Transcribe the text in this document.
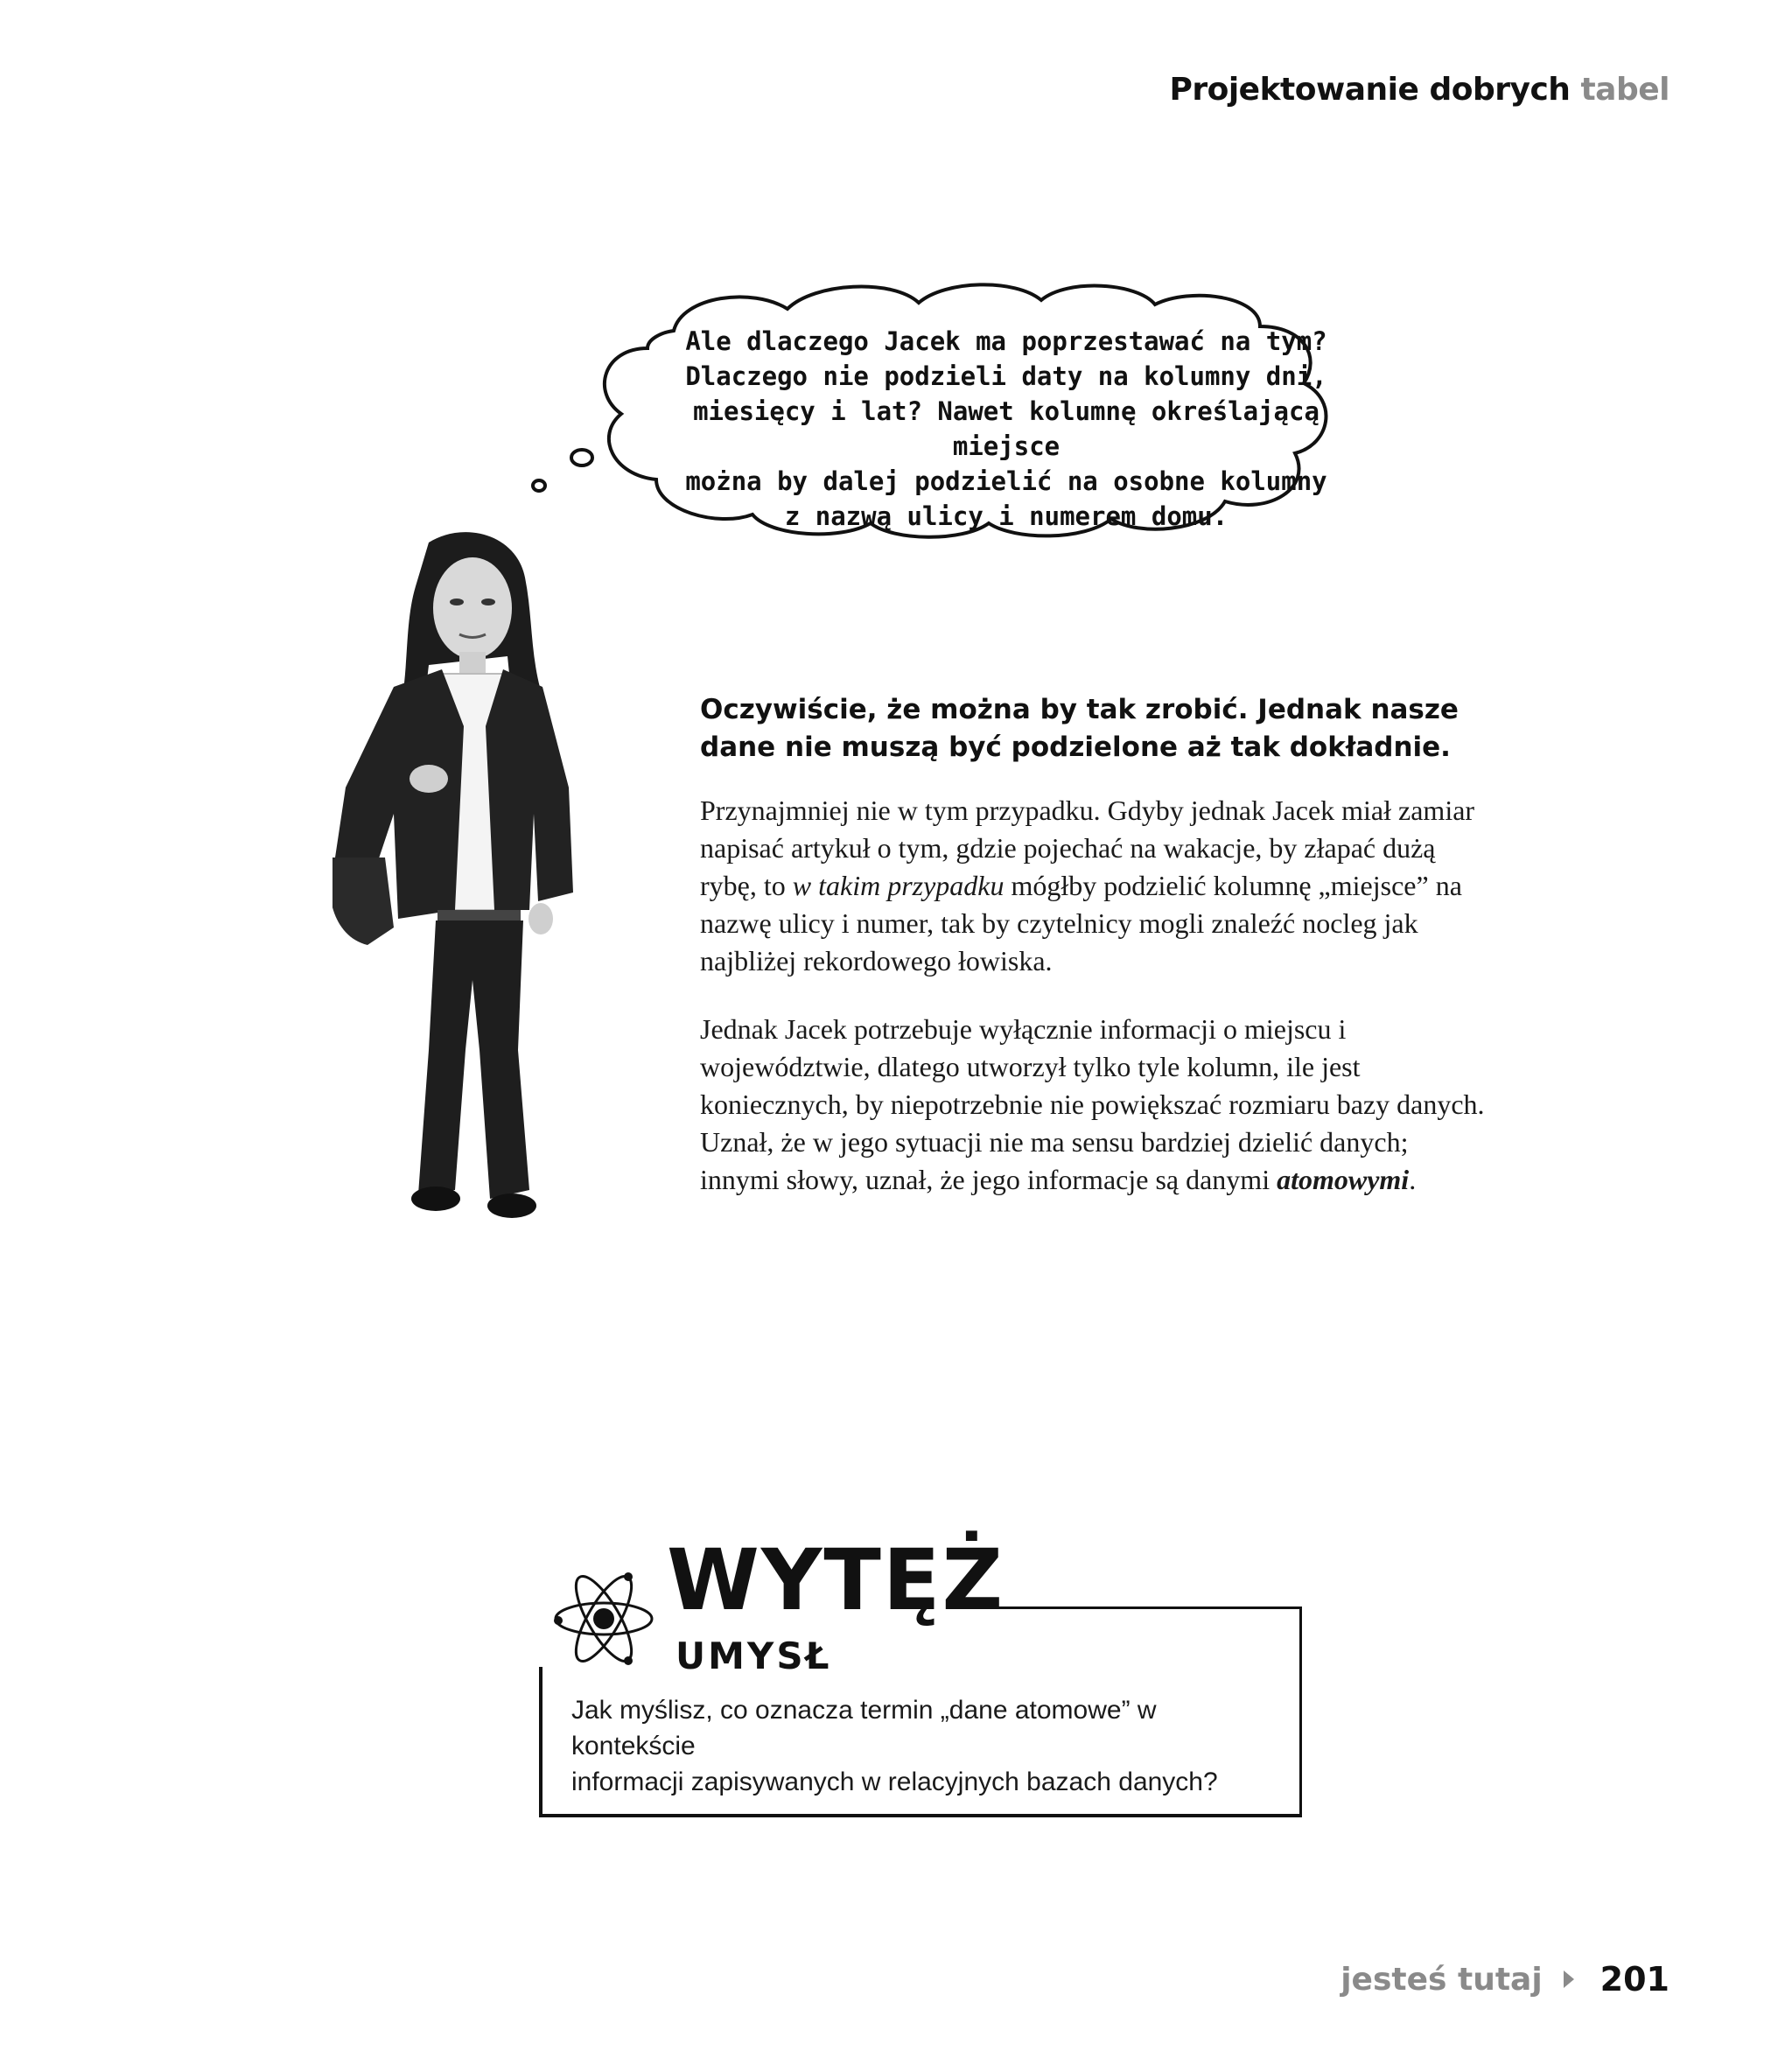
Projektowanie dobrych tabel
Ale dlaczego Jacek ma poprzestawać na tym?
Dlaczego nie podzieli daty na kolumny dni,
miesięcy i lat? Nawet kolumnę określającą miejsce
można by dalej podzielić na osobne kolumny
z nazwą ulicy i numerem domu.
Oczywiście, że można by tak zrobić. Jednak nasze
dane nie muszą być podzielone aż tak dokładnie.
Przynajmniej nie w tym przypadku. Gdyby jednak Jacek miał zamiar napisać artykuł o tym, gdzie pojechać na wakacje, by złapać dużą rybę, to w takim przypadku mógłby podzielić kolumnę „miejsce” na nazwę ulicy i numer, tak by czytelnicy mogli znaleźć nocleg jak najbliżej rekordowego łowiska.
Jednak Jacek potrzebuje wyłącznie informacji o miejscu i województwie, dlatego utworzył tylko tyle kolumn, ile jest koniecznych, by niepotrzebnie nie powiększać rozmiaru bazy danych. Uznał, że w jego sytuacji nie ma sensu bardziej dzielić danych; innymi słowy, uznał, że jego informacje są danymi atomowymi.
WYTĘŻ
UMYSŁ
Jak myślisz, co oznacza termin „dane atomowe” w kontekście
informacji zapisywanych w relacyjnych bazach danych?
jesteś tutaj 201
